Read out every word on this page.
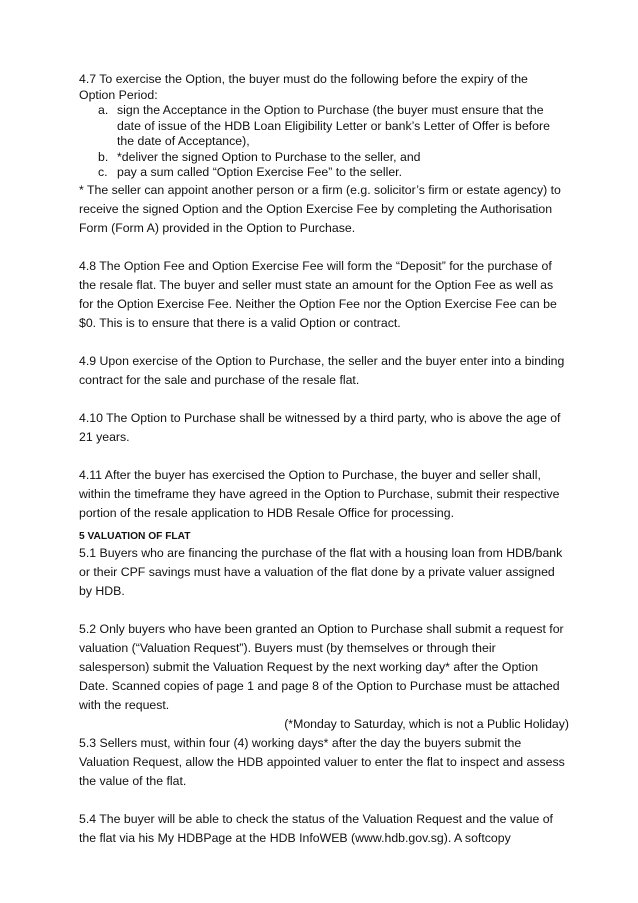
4.7 To exercise the Option, the buyer must do the following before the expiry of the Option Period:

a. sign the Acceptance in the Option to Purchase (the buyer must ensure that the date of issue of the HDB Loan Eligibility Letter or bank’s Letter of Offer is before the date of Acceptance),
b. *deliver the signed Option to Purchase to the seller, and
c. pay a sum called “Option Exercise Fee” to the seller.

* The seller can appoint another person or a firm (e.g. solicitor’s firm or estate agency) to receive the signed Option and the Option Exercise Fee by completing the Authorisation Form (Form A) provided in the Option to Purchase.

4.8 The Option Fee and Option Exercise Fee will form the “Deposit” for the purchase of the resale flat. The buyer and seller must state an amount for the Option Fee as well as for the Option Exercise Fee. Neither the Option Fee nor the Option Exercise Fee can be $0. This is to ensure that there is a valid Option or contract.

4.9 Upon exercise of the Option to Purchase, the seller and the buyer enter into a binding contract for the sale and purchase of the resale flat.

4.10 The Option to Purchase shall be witnessed by a third party, who is above the age of 21 years.

4.11 After the buyer has exercised the Option to Purchase, the buyer and seller shall, within the timeframe they have agreed in the Option to Purchase, submit their respective portion of the resale application to HDB Resale Office for processing.

5 VALUATION OF FLAT

5.1 Buyers who are financing the purchase of the flat with a housing loan from HDB/bank or their CPF savings must have a valuation of the flat done by a private valuer assigned by HDB.

5.2 Only buyers who have been granted an Option to Purchase shall submit a request for valuation (“Valuation Request”). Buyers must (by themselves or through their salesperson) submit the Valuation Request by the next working day* after the Option Date. Scanned copies of page 1 and page 8 of the Option to Purchase must be attached with the request.

(*Monday to Saturday, which is not a Public Holiday)

5.3 Sellers must, within four (4) working days* after the day the buyers submit the Valuation Request, allow the HDB appointed valuer to enter the flat to inspect and assess the value of the flat.

5.4 The buyer will be able to check the status of the Valuation Request and the value of the flat via his My HDBPage at the HDB InfoWEB (www.hdb.gov.sg). A softcopy
